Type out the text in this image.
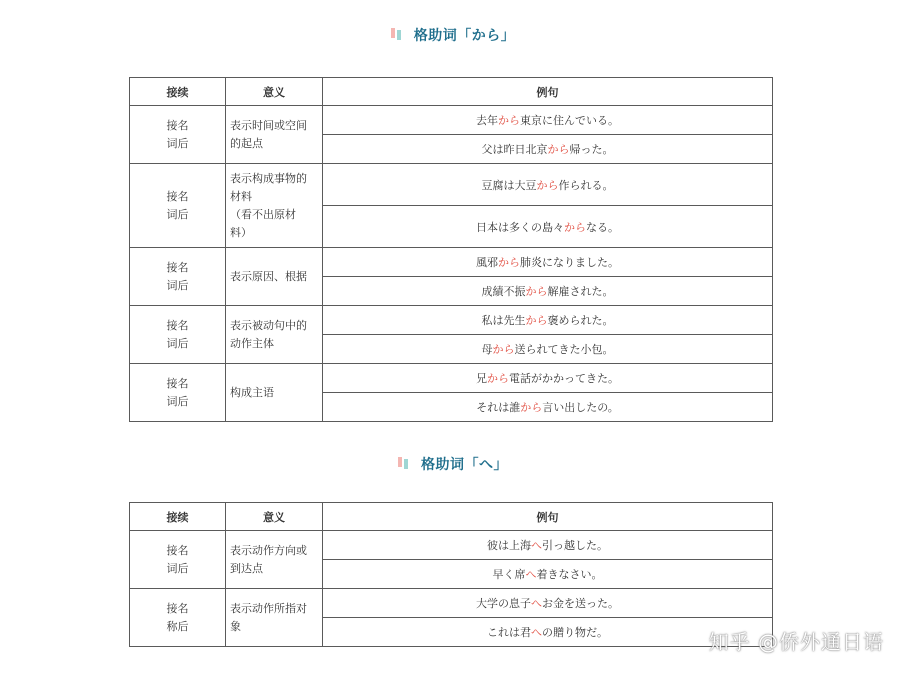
格助词「から」
接续	意义	例句
接名
词后	表示时间或空间
的起点	去年から東京に住んでいる。
		父は昨日北京から帰った。
接名
词后	表示构成事物的
材料
（看不出原材
料）	豆腐は大豆から作られる。
		日本は多くの島々からなる。
接名
词后	表示原因、根据	風邪から肺炎になりました。
		成績不振から解雇された。
接名
词后	表示被动句中的
动作主体	私は先生から褒められた。
		母から送られてきた小包。
接名
词后	构成主语	兄から電話がかかってきた。
		それは誰から言い出したの。
格助词「へ」
接续	意义	例句
接名
词后	表示动作方向或
到达点	彼は上海へ引っ越した。
		早く席へ着きなさい。
接名
称后	表示动作所指对
象	大学の息子へお金を送った。
		これは君への贈り物だ。	知乎 @侨外通日语
